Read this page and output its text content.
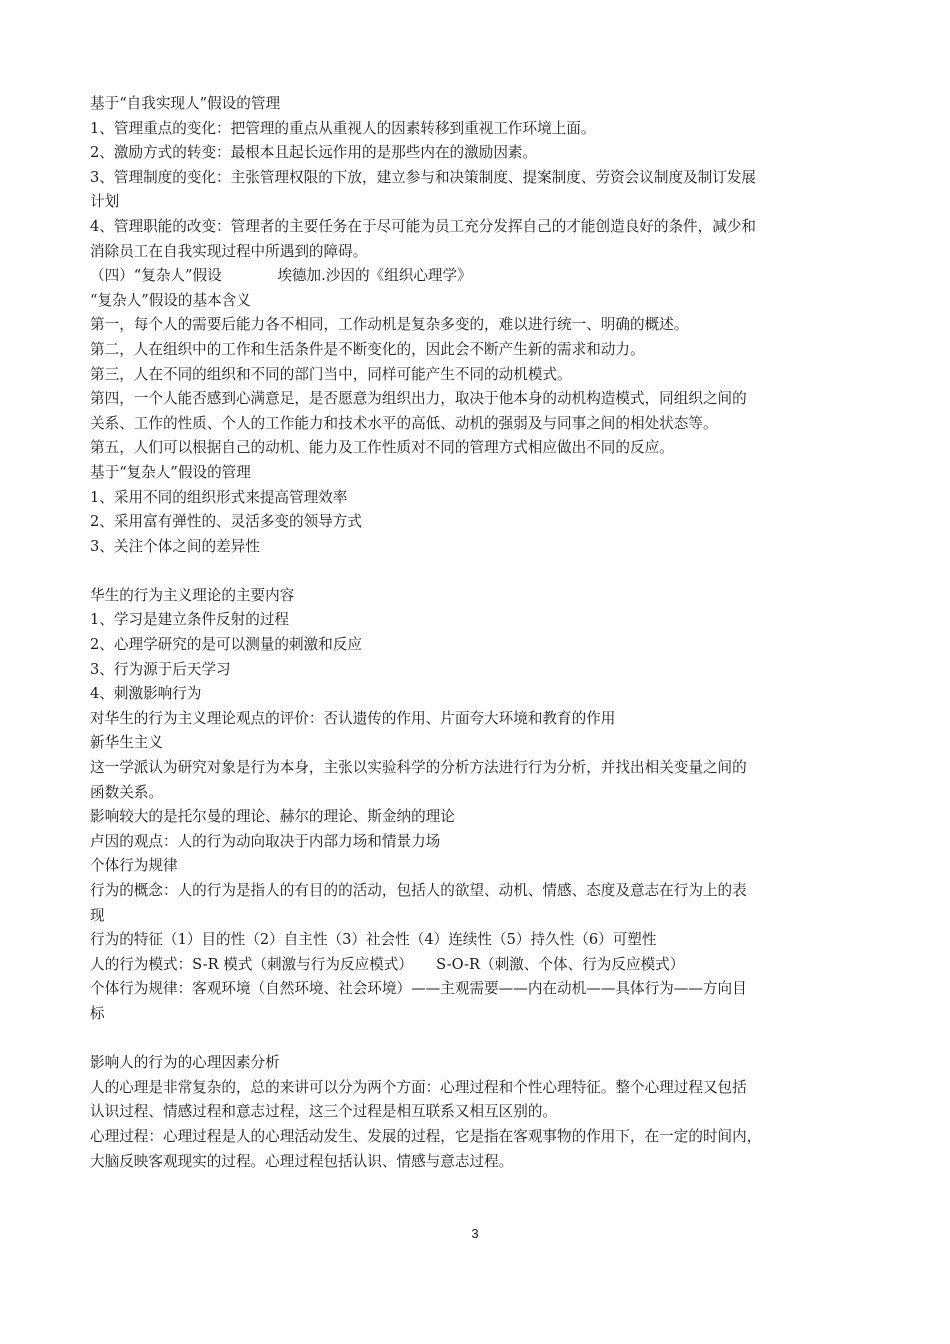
基于“自我实现人”假设的管理

1、管理重点的变化：把管理的重点从重视人的因素转移到重视工作环境上面。

2、激励方式的转变：最根本且起长远作用的是那些内在的激励因素。

3、管理制度的变化：主张管理权限的下放，建立参与和决策制度、提案制度、劳资会议制度及制订发展

计划

4、管理职能的改变：管理者的主要任务在于尽可能为员工充分发挥自己的才能创造良好的条件，减少和

消除员工在自我实现过程中所遇到的障碍。

（四）“复杂人”假设            埃德加.沙因的《组织心理学》

“复杂人”假设的基本含义

第一，每个人的需要后能力各不相同，工作动机是复杂多变的，难以进行统一、明确的概述。

第二，人在组织中的工作和生活条件是不断变化的，因此会不断产生新的需求和动力。

第三，人在不同的组织和不同的部门当中，同样可能产生不同的动机模式。

第四，一个人能否感到心满意足，是否愿意为组织出力，取决于他本身的动机构造模式，同组织之间的

关系、工作的性质、个人的工作能力和技术水平的高低、动机的强弱及与同事之间的相处状态等。

第五，人们可以根据自己的动机、能力及工作性质对不同的管理方式相应做出不同的反应。

基于“复杂人”假设的管理

1、采用不同的组织形式来提高管理效率

2、采用富有弹性的、灵活多变的领导方式

3、关注个体之间的差异性

华生的行为主义理论的主要内容

1、学习是建立条件反射的过程

2、心理学研究的是可以测量的刺激和反应

3、行为源于后天学习

4、刺激影响行为

对华生的行为主义理论观点的评价：否认遗传的作用、片面夸大环境和教育的作用

新华生主义

这一学派认为研究对象是行为本身，主张以实验科学的分析方法进行行为分析，并找出相关变量之间的

函数关系。

影响较大的是托尔曼的理论、赫尔的理论、斯金纳的理论

卢因的观点：人的行为动向取决于内部力场和情景力场

个体行为规律

行为的概念：人的行为是指人的有目的的活动，包括人的欲望、动机、情感、态度及意志在行为上的表

现

行为的特征（1）目的性（2）自主性（3）社会性（4）连续性（5）持久性（6）可塑性

人的行为模式：S-R 模式（刺激与行为反应模式）     S-O-R（刺激、个体、行为反应模式）

个体行为规律：客观环境（自然环境、社会环境）——主观需要——内在动机——具体行为——方向目

标

影响人的行为的心理因素分析

人的心理是非常复杂的，总的来讲可以分为两个方面：心理过程和个性心理特征。整个心理过程又包括

认识过程、情感过程和意志过程，这三个过程是相互联系又相互区别的。

心理过程：心理过程是人的心理活动发生、发展的过程，它是指在客观事物的作用下，在一定的时间内，

大脑反映客观现实的过程。心理过程包括认识、情感与意志过程。

3
